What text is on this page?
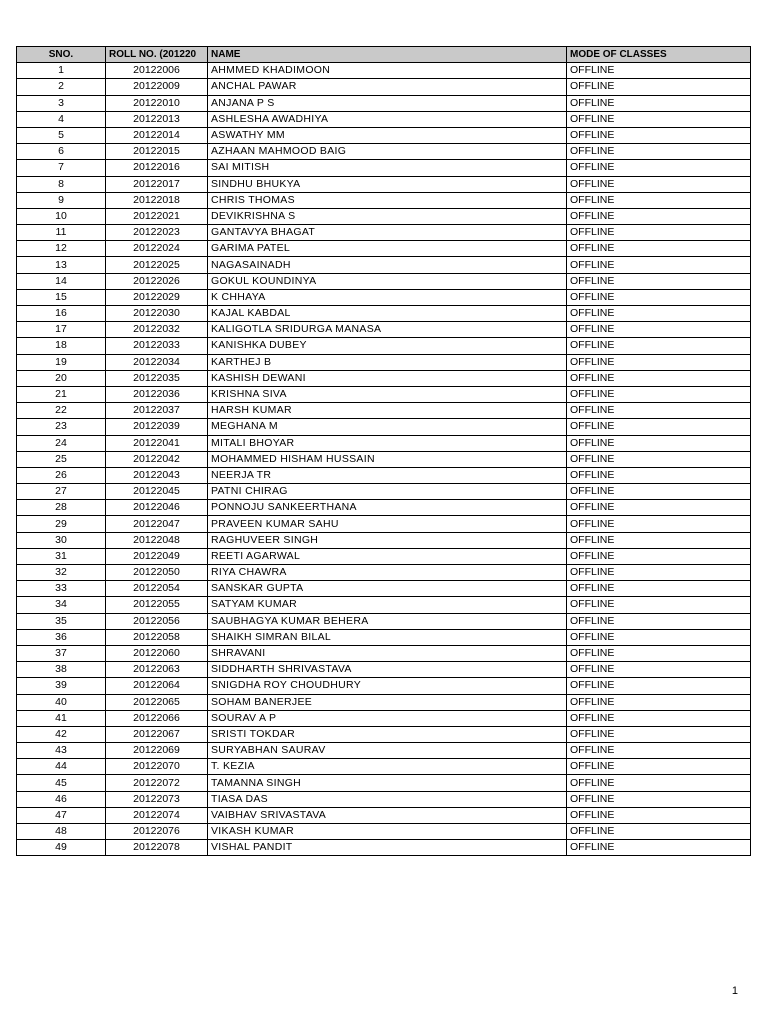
SNO.	ROLL NO. (201220	NAME	MODE OF CLASSES
1	20122006	AHMMED KHADIMOON	OFFLINE
2	20122009	ANCHAL PAWAR	OFFLINE
3	20122010	ANJANA P S	OFFLINE
4	20122013	ASHLESHA AWADHIYA	OFFLINE
5	20122014	ASWATHY MM	OFFLINE
6	20122015	AZHAAN MAHMOOD BAIG	OFFLINE
7	20122016	SAI MITISH	OFFLINE
8	20122017	SINDHU BHUKYA	OFFLINE
9	20122018	CHRIS THOMAS	OFFLINE
10	20122021	DEVIKRISHNA S	OFFLINE
11	20122023	GANTAVYA BHAGAT	OFFLINE
12	20122024	GARIMA PATEL	OFFLINE
13	20122025	NAGASAINADH	OFFLINE
14	20122026	GOKUL KOUNDINYA	OFFLINE
15	20122029	K CHHAYA	OFFLINE
16	20122030	KAJAL KABDAL	OFFLINE
17	20122032	KALIGOTLA SRIDURGA MANASA	OFFLINE
18	20122033	KANISHKA DUBEY	OFFLINE
19	20122034	KARTHEJ B	OFFLINE
20	20122035	KASHISH DEWANI	OFFLINE
21	20122036	KRISHNA SIVA	OFFLINE
22	20122037	HARSH KUMAR	OFFLINE
23	20122039	MEGHANA M	OFFLINE
24	20122041	MITALI BHOYAR	OFFLINE
25	20122042	MOHAMMED HISHAM HUSSAIN	OFFLINE
26	20122043	NEERJA TR	OFFLINE
27	20122045	PATNI CHIRAG	OFFLINE
28	20122046	PONNOJU SANKEERTHANA	OFFLINE
29	20122047	PRAVEEN KUMAR SAHU	OFFLINE
30	20122048	RAGHUVEER SINGH	OFFLINE
31	20122049	REETI AGARWAL	OFFLINE
32	20122050	RIYA CHAWRA	OFFLINE
33	20122054	SANSKAR GUPTA	OFFLINE
34	20122055	SATYAM KUMAR	OFFLINE
35	20122056	SAUBHAGYA KUMAR BEHERA	OFFLINE
36	20122058	SHAIKH SIMRAN BILAL	OFFLINE
37	20122060	SHRAVANI	OFFLINE
38	20122063	SIDDHARTH SHRIVASTAVA	OFFLINE
39	20122064	SNIGDHA ROY CHOUDHURY	OFFLINE
40	20122065	SOHAM BANERJEE	OFFLINE
41	20122066	SOURAV A P	OFFLINE
42	20122067	SRISTI TOKDAR	OFFLINE
43	20122069	SURYABHAN SAURAV	OFFLINE
44	20122070	T. KEZIA	OFFLINE
45	20122072	TAMANNA SINGH	OFFLINE
46	20122073	TIASA DAS	OFFLINE
47	20122074	VAIBHAV SRIVASTAVA	OFFLINE
48	20122076	VIKASH KUMAR	OFFLINE
49	20122078	VISHAL PANDIT	OFFLINE
1
